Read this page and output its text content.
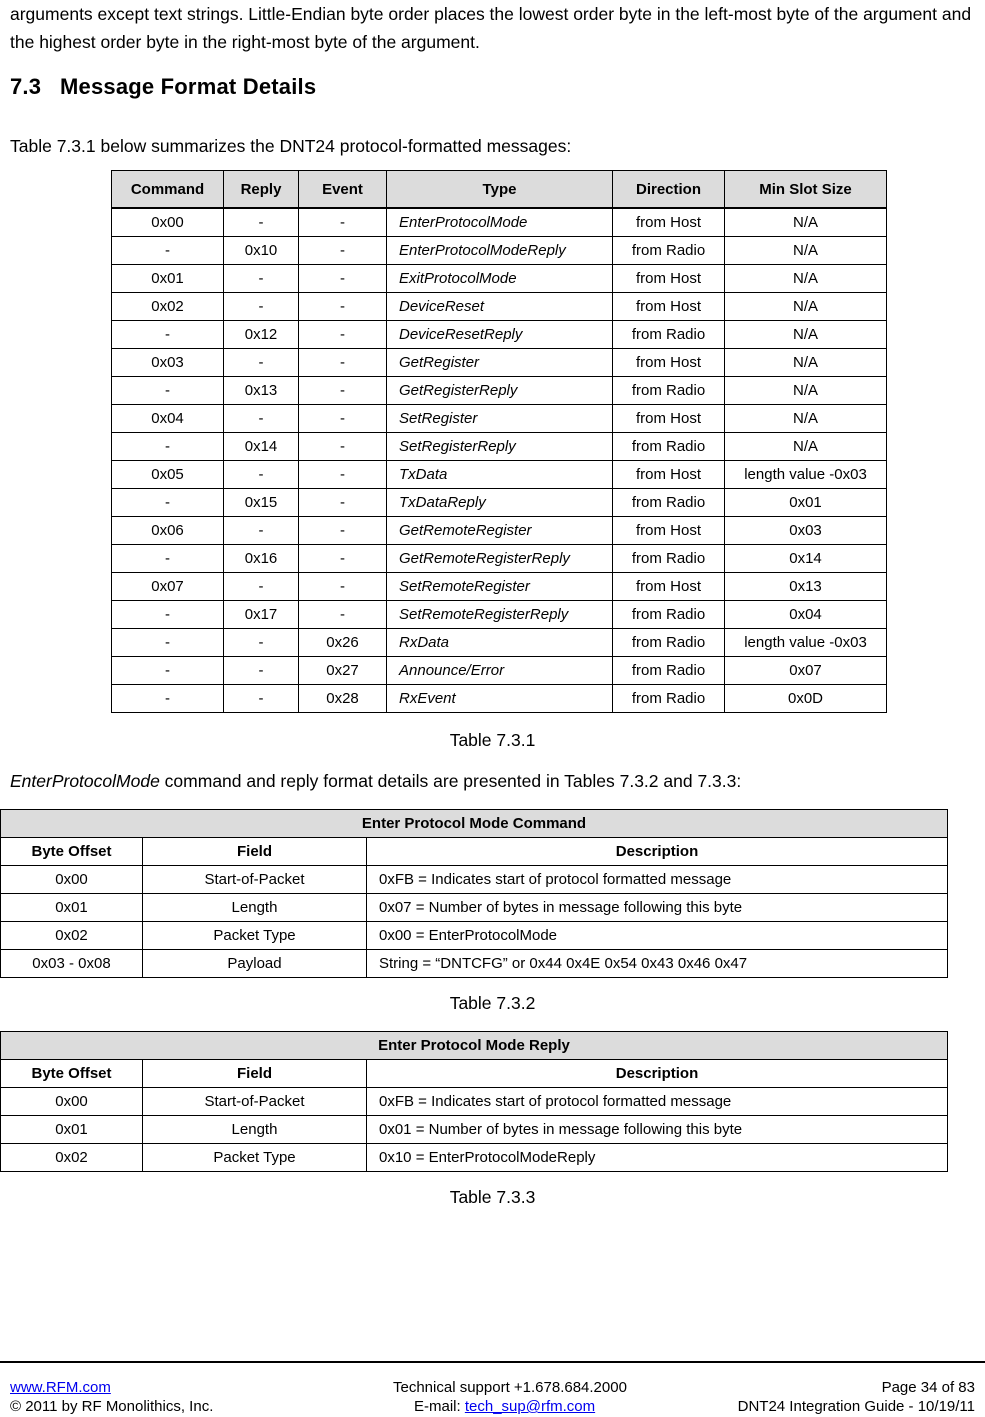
arguments except text strings. Little-Endian byte order places the lowest order byte in the left-most byte of the argument and the highest order byte in the right-most byte of the argument.

7.3 Message Format Details

Table 7.3.1 below summarizes the DNT24 protocol-formatted messages:

Command	Reply	Event	Type	Direction	Min Slot Size
0x00	-	-	EnterProtocolMode	from Host	N/A
-	0x10	-	EnterProtocolModeReply	from Radio	N/A
0x01	-	-	ExitProtocolMode	from Host	N/A
0x02	-	-	DeviceReset	from Host	N/A
-	0x12	-	DeviceResetReply	from Radio	N/A
0x03	-	-	GetRegister	from Host	N/A
-	0x13	-	GetRegisterReply	from Radio	N/A
0x04	-	-	SetRegister	from Host	N/A
-	0x14	-	SetRegisterReply	from Radio	N/A
0x05	-	-	TxData	from Host	length value -0x03
-	0x15	-	TxDataReply	from Radio	0x01
0x06	-	-	GetRemoteRegister	from Host	0x03
-	0x16	-	GetRemoteRegisterReply	from Radio	0x14
0x07	-	-	SetRemoteRegister	from Host	0x13
-	0x17	-	SetRemoteRegisterReply	from Radio	0x04
-	-	0x26	RxData	from Radio	length value -0x03
-	-	0x27	Announce/Error	from Radio	0x07
-	-	0x28	RxEvent	from Radio	0x0D

Table 7.3.1

EnterProtocolMode command and reply format details are presented in Tables 7.3.2 and 7.3.3:

Enter Protocol Mode Command		
Byte Offset	Field	Description
0x00	Start-of-Packet	0xFB = Indicates start of protocol formatted message
0x01	Length	0x07 = Number of bytes in message following this byte
0x02	Packet Type	0x00 = EnterProtocolMode
0x03 - 0x08	Payload	String = “DNTCFG” or 0x44 0x4E 0x54 0x43 0x46 0x47

Table 7.3.2

Enter Protocol Mode Reply		
Byte Offset	Field	Description
0x00	Start-of-Packet	0xFB = Indicates start of protocol formatted message
0x01	Length	0x01 = Number of bytes in message following this byte
0x02	Packet Type	0x10 = EnterProtocolModeReply

Table 7.3.3

www.RFM.com

© 2011 by RF Monolithics, Inc.

Technical support +1.678.684.2000

E-mail: tech_sup@rfm.com

Page 34 of 83

DNT24 Integration Guide - 10/19/11
